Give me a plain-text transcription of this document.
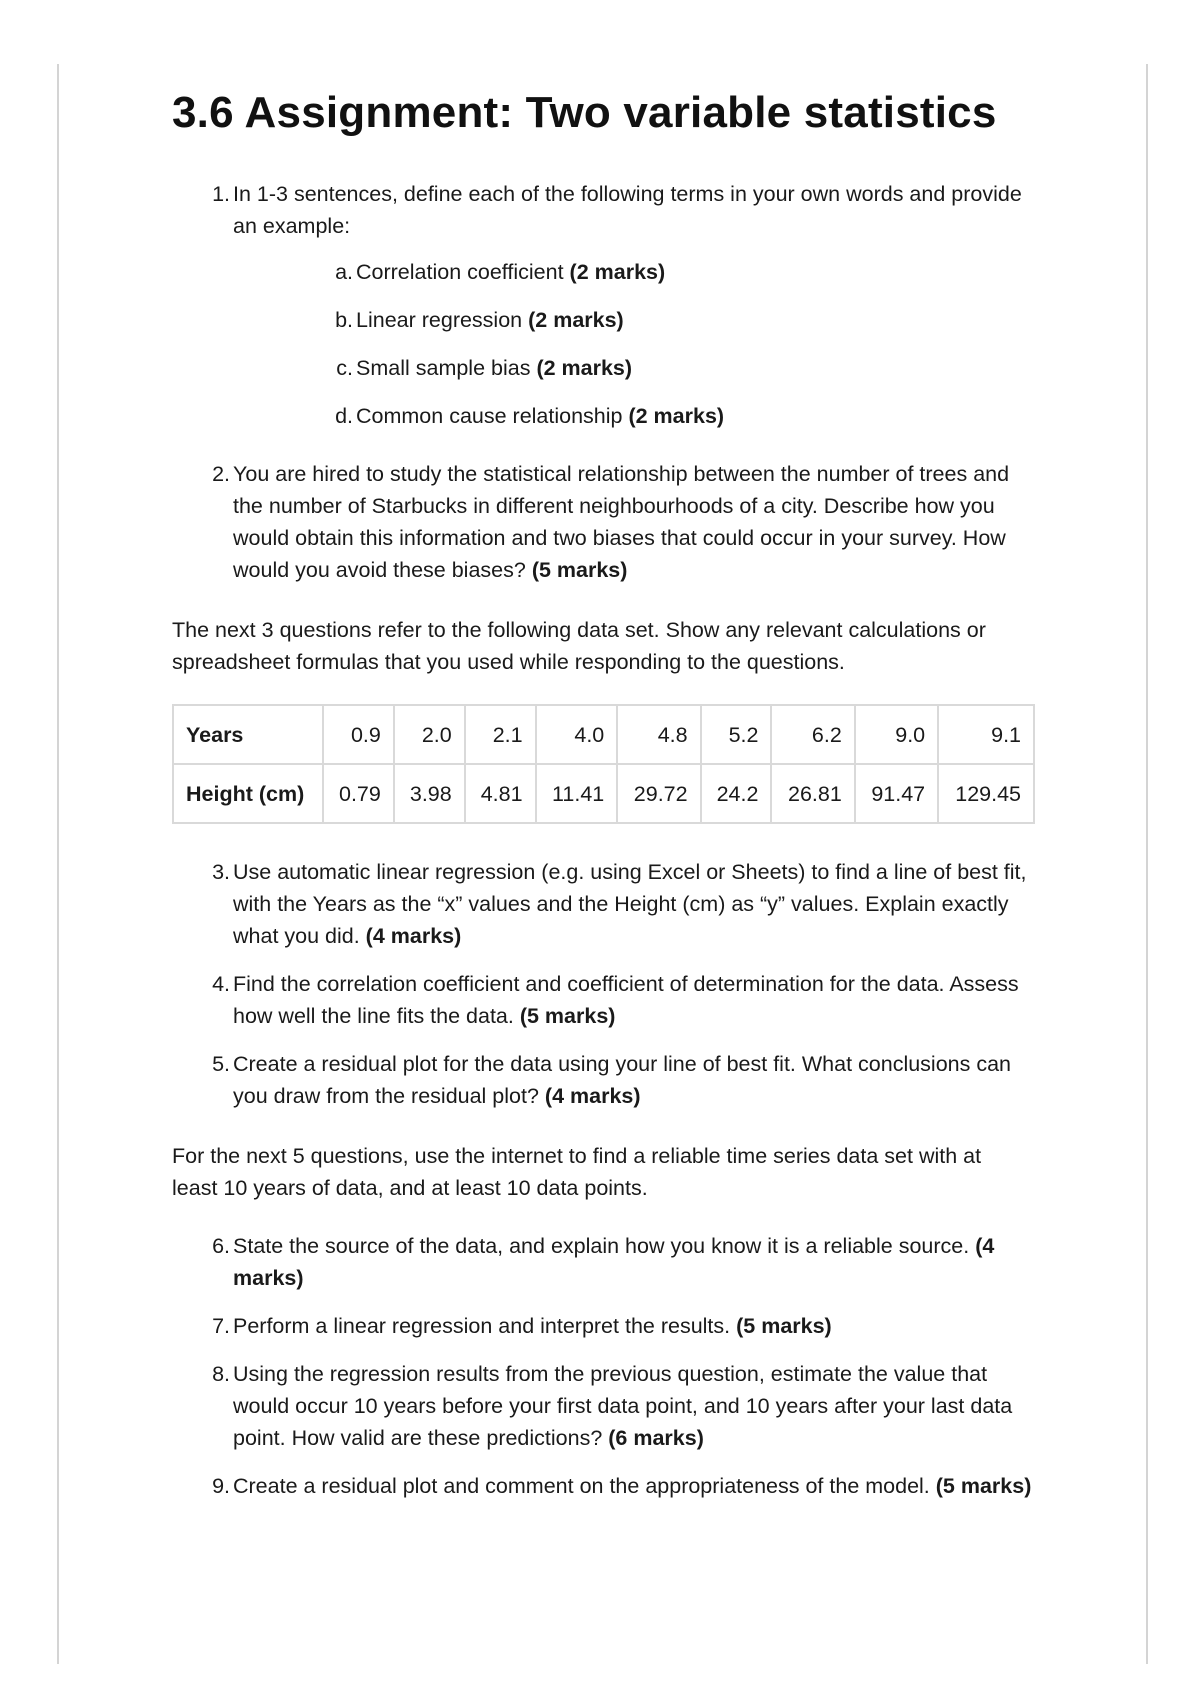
3.6 Assignment: Two variable statistics
1. In 1-3 sentences, define each of the following terms in your own words and provide an example:
a. Correlation coefficient (2 marks)
b. Linear regression (2 marks)
c. Small sample bias (2 marks)
d. Common cause relationship (2 marks)
2. You are hired to study the statistical relationship between the number of trees and the number of Starbucks in different neighbourhoods of a city. Describe how you would obtain this information and two biases that could occur in your survey. How would you avoid these biases? (5 marks)

The next 3 questions refer to the following data set. Show any relevant calculations or spreadsheet formulas that you used while responding to the questions.

Years	0.9	2.0	2.1	4.0	4.8	5.2	6.2	9.0	9.1
Height (cm)	0.79	3.98	4.81	11.41	29.72	24.2	26.81	91.47	129.45
3. Use automatic linear regression (e.g. using Excel or Sheets) to find a line of best fit, with the Years as the “x” values and the Height (cm) as “y” values. Explain exactly what you did. (4 marks)
4. Find the correlation coefficient and coefficient of determination for the data. Assess how well the line fits the data. (5 marks)
5. Create a residual plot for the data using your line of best fit. What conclusions can you draw from the residual plot? (4 marks)

For the next 5 questions, use the internet to find a reliable time series data set with at least 10 years of data, and at least 10 data points.

6. State the source of the data, and explain how you know it is a reliable source. (4 marks)
7. Perform a linear regression and interpret the results. (5 marks)
8. Using the regression results from the previous question, estimate the value that would occur 10 years before your first data point, and 10 years after your last data point. How valid are these predictions? (6 marks)
9. Create a residual plot and comment on the appropriateness of the model. (5 marks)
